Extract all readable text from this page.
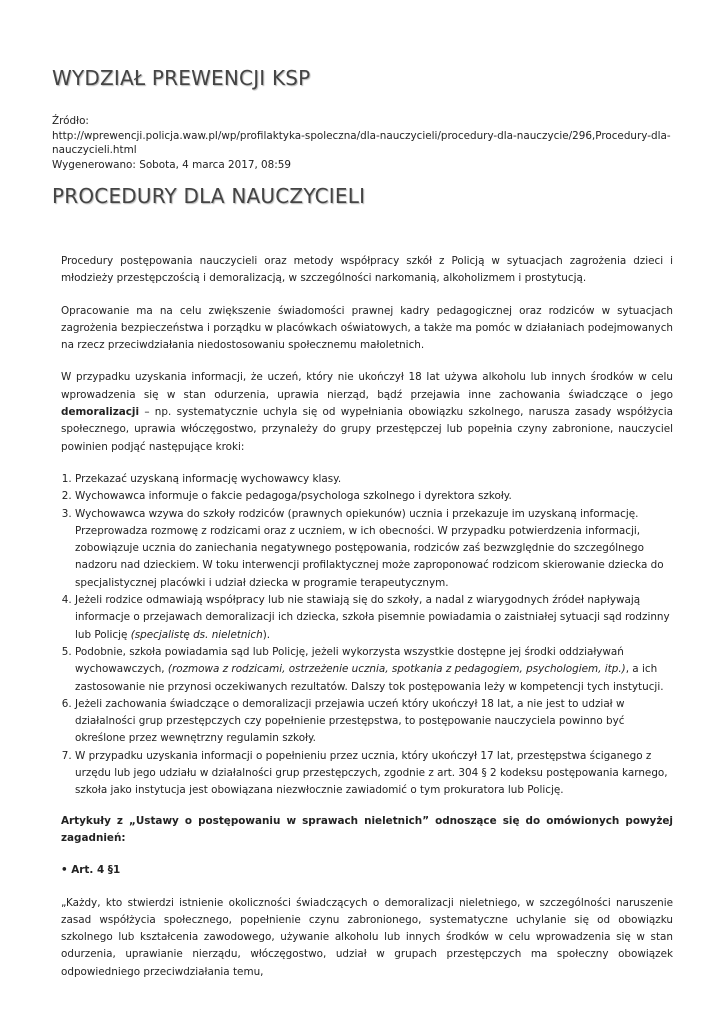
WYDZIAŁ PREWENCJI KSP
Źródło:
http://wprewencji.policja.waw.pl/wp/profilaktyka-spoleczna/dla-nauczycieli/procedury-dla-nauczycie/296,Procedury-dla-nauczycieli.html
Wygenerowano: Sobota, 4 marca 2017, 08:59
PROCEDURY DLA NAUCZYCIELI

Procedury postępowania nauczycieli oraz metody współpracy szkół z Policją w sytuacjach zagrożenia dzieci i młodzieży przestępczością i demoralizacją, w szczególności narkomanią, alkoholizmem i prostytucją.

Opracowanie ma na celu zwiększenie świadomości prawnej kadry pedagogicznej oraz rodziców w sytuacjach zagrożenia bezpieczeństwa i porządku w placówkach oświatowych, a także ma pomóc w działaniach podejmowanych na rzecz przeciwdziałania niedostosowaniu społecznemu małoletnich.

W przypadku uzyskania informacji, że uczeń, który nie ukończył 18 lat używa alkoholu lub innych środków w celu wprowadzenia się w stan odurzenia, uprawia nierząd, bądź przejawia inne zachowania świadczące o jego demoralizacji – np. systematycznie uchyla się od wypełniania obowiązku szkolnego, narusza zasady współżycia społecznego, uprawia włóczęgostwo, przynależy do grupy przestępczej lub popełnia czyny zabronione, nauczyciel powinien podjąć następujące kroki:

1. Przekazać uzyskaną informację wychowawcy klasy.
2. Wychowawca informuje o fakcie pedagoga/psychologa szkolnego i dyrektora szkoły.
3. Wychowawca wzywa do szkoły rodziców (prawnych opiekunów) ucznia i przekazuje im uzyskaną informację. Przeprowadza rozmowę z rodzicami oraz z uczniem, w ich obecności. W przypadku potwierdzenia informacji, zobowiązuje ucznia do zaniechania negatywnego postępowania, rodziców zaś bezwzględnie do szczególnego nadzoru nad dzieckiem. W toku interwencji profilaktycznej może zaproponować rodzicom skierowanie dziecka do specjalistycznej placówki i udział dziecka w programie terapeutycznym.
4. Jeżeli rodzice odmawiają współpracy lub nie stawiają się do szkoły, a nadal z wiarygodnych źródeł napływają informacje o przejawach demoralizacji ich dziecka, szkoła pisemnie powiadamia o zaistniałej sytuacji sąd rodzinny lub Policję (specjalistę ds. nieletnich).
5. Podobnie, szkoła powiadamia sąd lub Policję, jeżeli wykorzysta wszystkie dostępne jej środki oddziaływań wychowawczych, (rozmowa z rodzicami, ostrzeżenie ucznia, spotkania z pedagogiem, psychologiem, itp.), a ich zastosowanie nie przynosi oczekiwanych rezultatów. Dalszy tok postępowania leży w kompetencji tych instytucji.
6. Jeżeli zachowania świadczące o demoralizacji przejawia uczeń który ukończył 18 lat, a nie jest to udział w działalności grup przestępczych czy popełnienie przestępstwa, to postępowanie nauczyciela powinno być określone przez wewnętrzny regulamin szkoły.
7. W przypadku uzyskania informacji o popełnieniu przez ucznia, który ukończył 17 lat, przestępstwa ściganego z urzędu lub jego udziału w działalności grup przestępczych, zgodnie z art. 304 § 2 kodeksu postępowania karnego, szkoła jako instytucja jest obowiązana niezwłocznie zawiadomić o tym prokuratora lub Policję.

Artykuły z „Ustawy o postępowaniu w sprawach nieletnich” odnoszące się do omówionych powyżej zagadnień:

• Art. 4 §1

„Każdy, kto stwierdzi istnienie okoliczności świadczących o demoralizacji nieletniego, w szczególności naruszenie zasad współżycia społecznego, popełnienie czynu zabronionego, systematyczne uchylanie się od obowiązku szkolnego lub kształcenia zawodowego, używanie alkoholu lub innych środków w celu wprowadzenia się w stan odurzenia, uprawianie nierządu, włóczęgostwo, udział w grupach przestępczych ma społeczny obowiązek odpowiedniego przeciwdziałania temu,
